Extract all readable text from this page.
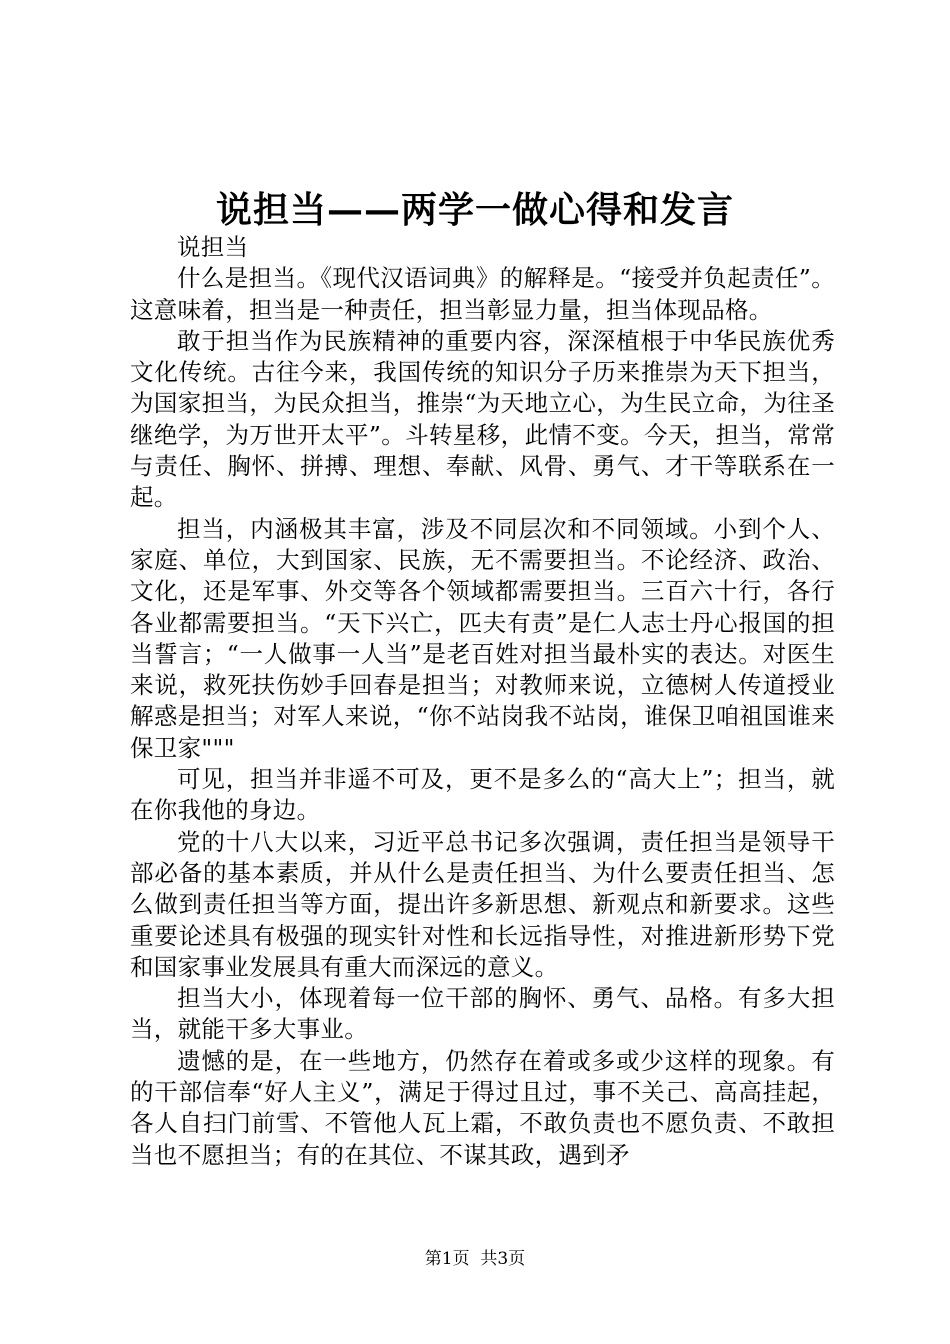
说担当——两学一做心得和发言

说担当

什么是担当。《现代汉语词典》的解释是。“接受并负起责任”。这意味着，担当是一种责任，担当彰显力量，担当体现品格。

敢于担当作为民族精神的重要内容，深深植根于中华民族优秀文化传统。古往今来，我国传统的知识分子历来推崇为天下担当，为国家担当，为民众担当，推崇“为天地立心，为生民立命，为往圣继绝学，为万世开太平”。斗转星移，此情不变。今天，担当，常常与责任、胸怀、拼搏、理想、奉献、风骨、勇气、才干等联系在一起。

担当，内涵极其丰富，涉及不同层次和不同领域。小到个人、家庭、单位，大到国家、民族，无不需要担当。不论经济、政治、文化，还是军事、外交等各个领域都需要担当。三百六十行，各行各业都需要担当。“天下兴亡，匹夫有责”是仁人志士丹心报国的担当誓言；“一人做事一人当”是老百姓对担当最朴实的表达。对医生来说，救死扶伤妙手回春是担当；对教师来说，立德树人传道授业解惑是担当；对军人来说，“你不站岗我不站岗，谁保卫咱祖国谁来保卫家"""

可见，担当并非遥不可及，更不是多么的“高大上”；担当，就在你我他的身边。

党的十八大以来，习近平总书记多次强调，责任担当是领导干部必备的基本素质，并从什么是责任担当、为什么要责任担当、怎么做到责任担当等方面，提出许多新思想、新观点和新要求。这些重要论述具有极强的现实针对性和长远指导性，对推进新形势下党和国家事业发展具有重大而深远的意义。

担当大小，体现着每一位干部的胸怀、勇气、品格。有多大担当，就能干多大事业。

遗憾的是，在一些地方，仍然存在着或多或少这样的现象。有的干部信奉“好人主义”，满足于得过且过，事不关己、高高挂起，各人自扫门前雪、不管他人瓦上霜，不敢负责也不愿负责、不敢担当也不愿担当；有的在其位、不谋其政，遇到矛

第1页  共3页
